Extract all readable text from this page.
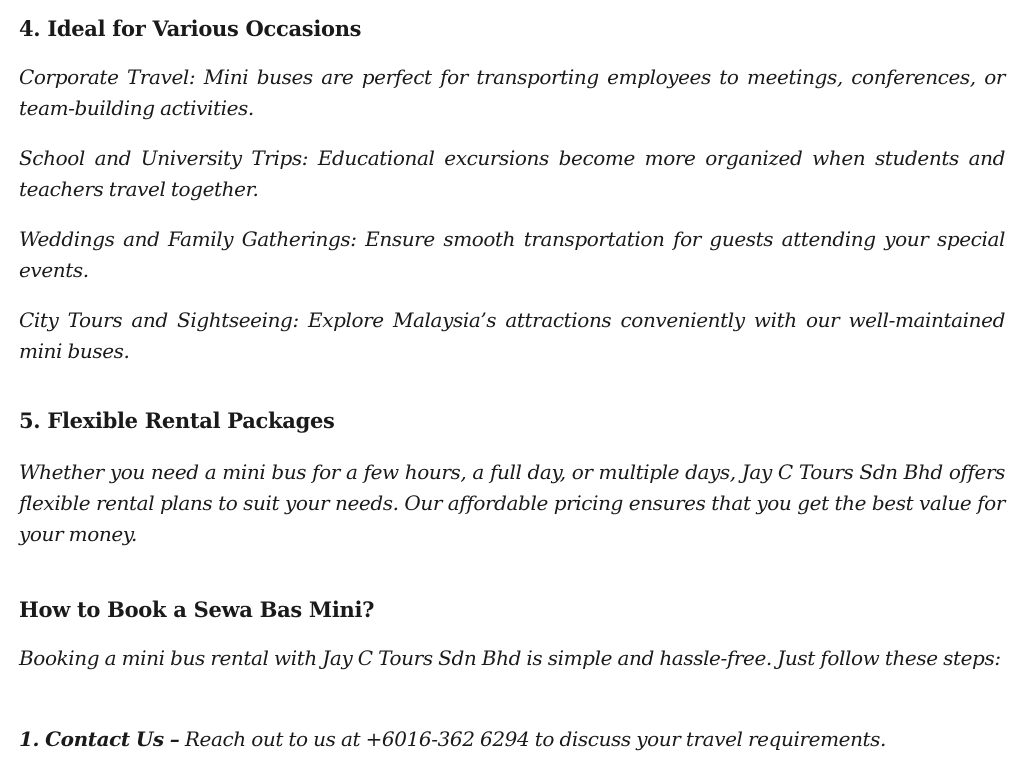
4. Ideal for Various Occasions

Corporate Travel: Mini buses are perfect for transporting employees to meetings, conferences, or team-building activities.

School and University Trips: Educational excursions become more organized when students and teachers travel together.

Weddings and Family Gatherings: Ensure smooth transportation for guests attending your special events.

City Tours and Sightseeing: Explore Malaysia’s attractions conveniently with our well-maintained mini buses.

5. Flexible Rental Packages

Whether you need a mini bus for a few hours, a full day, or multiple days, Jay C Tours Sdn Bhd offers flexible rental plans to suit your needs. Our affordable pricing ensures that you get the best value for your money.

How to Book a Sewa Bas Mini?

Booking a mini bus rental with Jay C Tours Sdn Bhd is simple and hassle-free. Just follow these steps:

1. Contact Us – Reach out to us at +6016-362 6294 to discuss your travel requirements.
